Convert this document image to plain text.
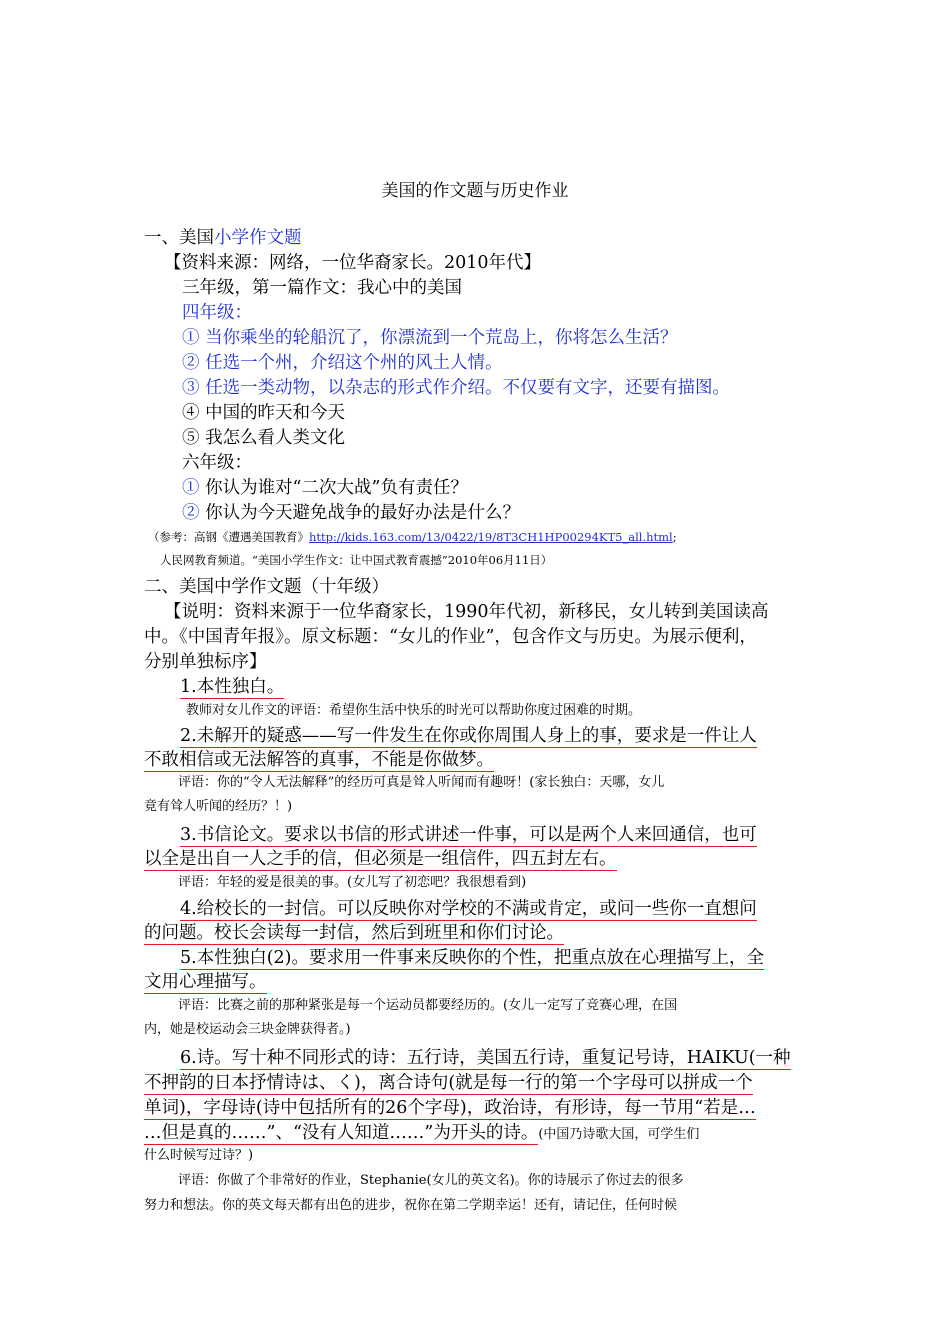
美国的作文题与历史作业
一、美国小学作文题
【资料来源：网络，一位华裔家长。2010年代】
三年级，第一篇作文：我心中的美国
四年级：
① 当你乘坐的轮船沉了，你漂流到一个荒岛上，你将怎么生活？
② 任选一个州，介绍这个州的风土人情。
③ 任选一类动物，以杂志的形式作介绍。不仅要有文字，还要有描图。
④ 中国的昨天和今天
⑤ 我怎么看人类文化
六年级：
① 你认为谁对“二次大战”负有责任？
② 你认为今天避免战争的最好办法是什么？
（参考：高钢《遭遇美国教育》http://kids.163.com/13/0422/19/8T3CH1HP00294KT5_all.html;
人民网教育频道。“美国小学生作文：让中国式教育震撼”2010年06月11日）
二、美国中学作文题（十年级）
【说明：资料来源于一位华裔家长，1990年代初，新移民，女儿转到美国读高
中。《中国青年报》。原文标题：“女儿的作业”，包含作文与历史。为展示便利，
分别单独标序】
1.本性独白。
教师对女儿作文的评语：希望你生活中快乐的时光可以帮助你度过困难的时期。
2.未解开的疑惑——写一件发生在你或你周围人身上的事，要求是一件让人
不敢相信或无法解答的真事，不能是你做梦。
评语：你的“令人无法解释”的经历可真是耸人听闻而有趣呀！(家长独白：天哪，女儿
竟有耸人听闻的经历？！)
3.书信论文。要求以书信的形式讲述一件事，可以是两个人来回通信，也可
以全是出自一人之手的信，但必须是一组信件，四五封左右。
评语：年轻的爱是很美的事。(女儿写了初恋吧？我很想看到)
4.给校长的一封信。可以反映你对学校的不满或肯定，或问一些你一直想问
的问题。校长会读每一封信，然后到班里和你们讨论。
5.本性独白(2)。要求用一件事来反映你的个性，把重点放在心理描写上，全
文用心理描写。
评语：比赛之前的那种紧张是每一个运动员都要经历的。(女儿一定写了竞赛心理，在国
内，她是校运动会三块金牌获得者。)
6.诗。写十种不同形式的诗：五行诗，美国五行诗，重复记号诗，HAIKU(一种
不押韵的日本抒情诗は、く)，离合诗句(就是每一行的第一个字母可以拼成一个
单词)，字母诗(诗中包括所有的26个字母)，政治诗，有形诗，每一节用“若是…
…但是真的……”、“没有人知道……”为开头的诗。(中国乃诗歌大国，可学生们
什么时候写过诗？)
评语：你做了个非常好的作业，Stephanie(女儿的英文名)。你的诗展示了你过去的很多
努力和想法。你的英文每天都有出色的进步，祝你在第二学期幸运！还有，请记住，任何时候
